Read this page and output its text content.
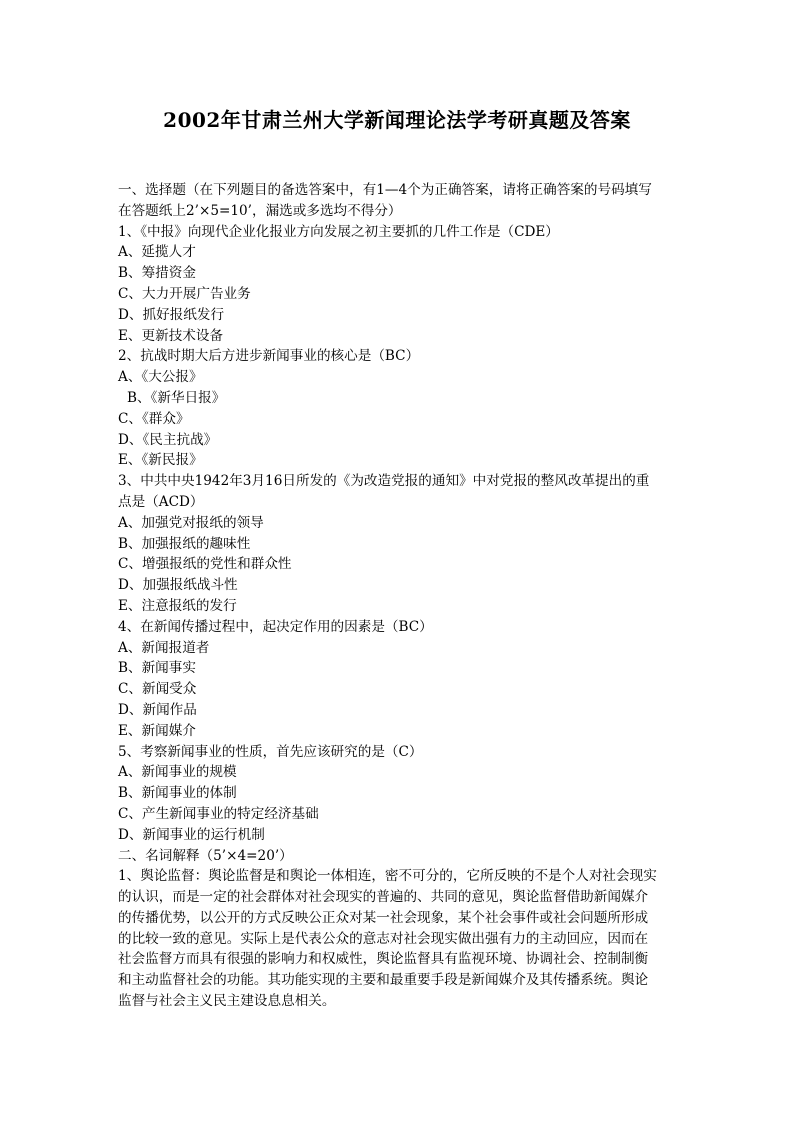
2002年甘肃兰州大学新闻理论法学考研真题及答案
一、选择题（在下列题目的备选答案中，有1—4个为正确答案，请将正确答案的号码填写
在答题纸上2’×5=10’，漏选或多选均不得分）
1、《中报》向现代企业化报业方向发展之初主要抓的几件工作是（CDE）
A、延揽人才
B、筹措资金
C、大力开展广告业务
D、抓好报纸发行
E、更新技术设备
2、抗战时期大后方进步新闻事业的核心是（BC）
A、《大公报》
B、《新华日报》
C、《群众》
D、《民主抗战》
E、《新民报》
3、中共中央1942年3月16日所发的《为改造党报的通知》中对党报的整风改革提出的重
点是（ACD）
A、加强党对报纸的领导
B、加强报纸的趣味性
C、增强报纸的党性和群众性
D、加强报纸战斗性
E、注意报纸的发行
4、在新闻传播过程中，起决定作用的因素是（BC）
A、新闻报道者
B、新闻事实
C、新闻受众
D、新闻作品
E、新闻媒介
5、考察新闻事业的性质，首先应该研究的是（C）
A、新闻事业的规模
B、新闻事业的体制
C、产生新闻事业的特定经济基础
D、新闻事业的运行机制
二、名词解释（5’×4=20’）
1、舆论监督：舆论监督是和舆论一体相连，密不可分的，它所反映的不是个人对社会现实
的认识，而是一定的社会群体对社会现实的普遍的、共同的意见，舆论监督借助新闻媒介
的传播优势，以公开的方式反映公正众对某一社会现象，某个社会事件或社会问题所形成
的比较一致的意见。实际上是代表公众的意志对社会现实做出强有力的主动回应，因而在
社会监督方而具有很强的影响力和权威性，舆论监督具有监视环境、协调社会、控制制衡
和主动监督社会的功能。其功能实现的主要和最重要手段是新闻媒介及其传播系统。舆论
监督与社会主义民主建设息息相关。
